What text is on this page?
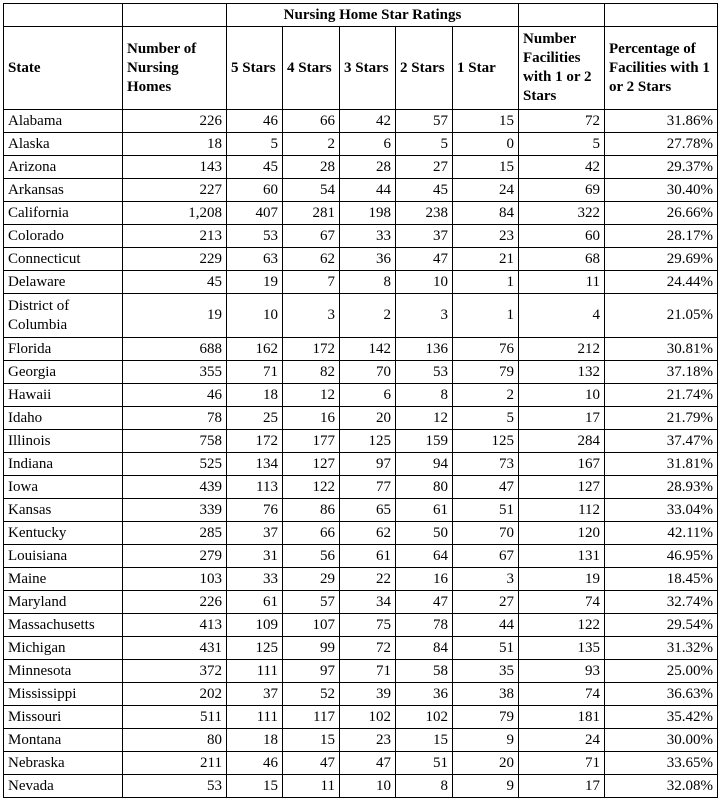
		Nursing Home Star Ratings						
State	Number of Nursing Homes	5 Stars	4 Stars	3 Stars	2 Stars	1 Star	Number Facilities with 1 or 2 Stars	Percentage of Facilities with 1 or 2 Stars
Alabama	226	46	66	42	57	15	72	31.86%
Alaska	18	5	2	6	5	0	5	27.78%
Arizona	143	45	28	28	27	15	42	29.37%
Arkansas	227	60	54	44	45	24	69	30.40%
California	1,208	407	281	198	238	84	322	26.66%
Colorado	213	53	67	33	37	23	60	28.17%
Connecticut	229	63	62	36	47	21	68	29.69%
Delaware	45	19	7	8	10	1	11	24.44%
District of Columbia	19	10	3	2	3	1	4	21.05%
Florida	688	162	172	142	136	76	212	30.81%
Georgia	355	71	82	70	53	79	132	37.18%
Hawaii	46	18	12	6	8	2	10	21.74%
Idaho	78	25	16	20	12	5	17	21.79%
Illinois	758	172	177	125	159	125	284	37.47%
Indiana	525	134	127	97	94	73	167	31.81%
Iowa	439	113	122	77	80	47	127	28.93%
Kansas	339	76	86	65	61	51	112	33.04%
Kentucky	285	37	66	62	50	70	120	42.11%
Louisiana	279	31	56	61	64	67	131	46.95%
Maine	103	33	29	22	16	3	19	18.45%
Maryland	226	61	57	34	47	27	74	32.74%
Massachusetts	413	109	107	75	78	44	122	29.54%
Michigan	431	125	99	72	84	51	135	31.32%
Minnesota	372	111	97	71	58	35	93	25.00%
Mississippi	202	37	52	39	36	38	74	36.63%
Missouri	511	111	117	102	102	79	181	35.42%
Montana	80	18	15	23	15	9	24	30.00%
Nebraska	211	46	47	47	51	20	71	33.65%
Nevada	53	15	11	10	8	9	17	32.08%
